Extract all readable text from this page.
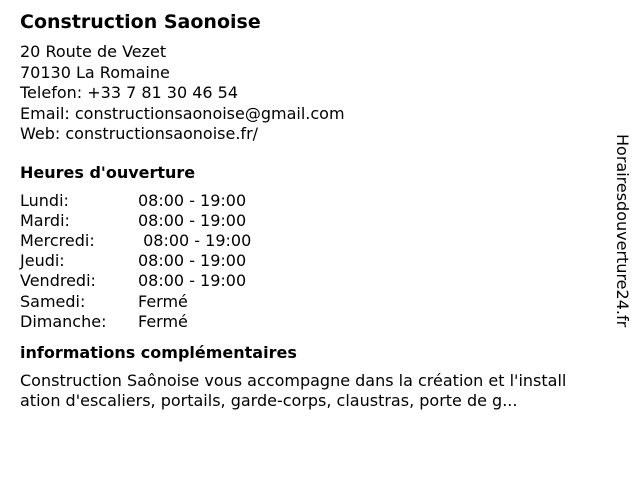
Construction Saonoise
20 Route de Vezet
70130 La Romaine
Telefon: +33 7 81 30 46 54
Email: constructionsaonoise@gmail.com
Web: constructionsaonoise.fr/
Heures d'ouverture
Lundi:	08:00 - 19:00
Mardi:	08:00 - 19:00
Mercredi:	08:00 - 19:00
Jeudi:	08:00 - 19:00
Vendredi:	08:00 - 19:00
Samedi:	Fermé
Dimanche:	Fermé
informations complémentaires
Construction Saônoise vous accompagne dans la création et l'installation d'escaliers, portails, garde-corps, claustras, porte de g...
Horairesdouverture24.fr
